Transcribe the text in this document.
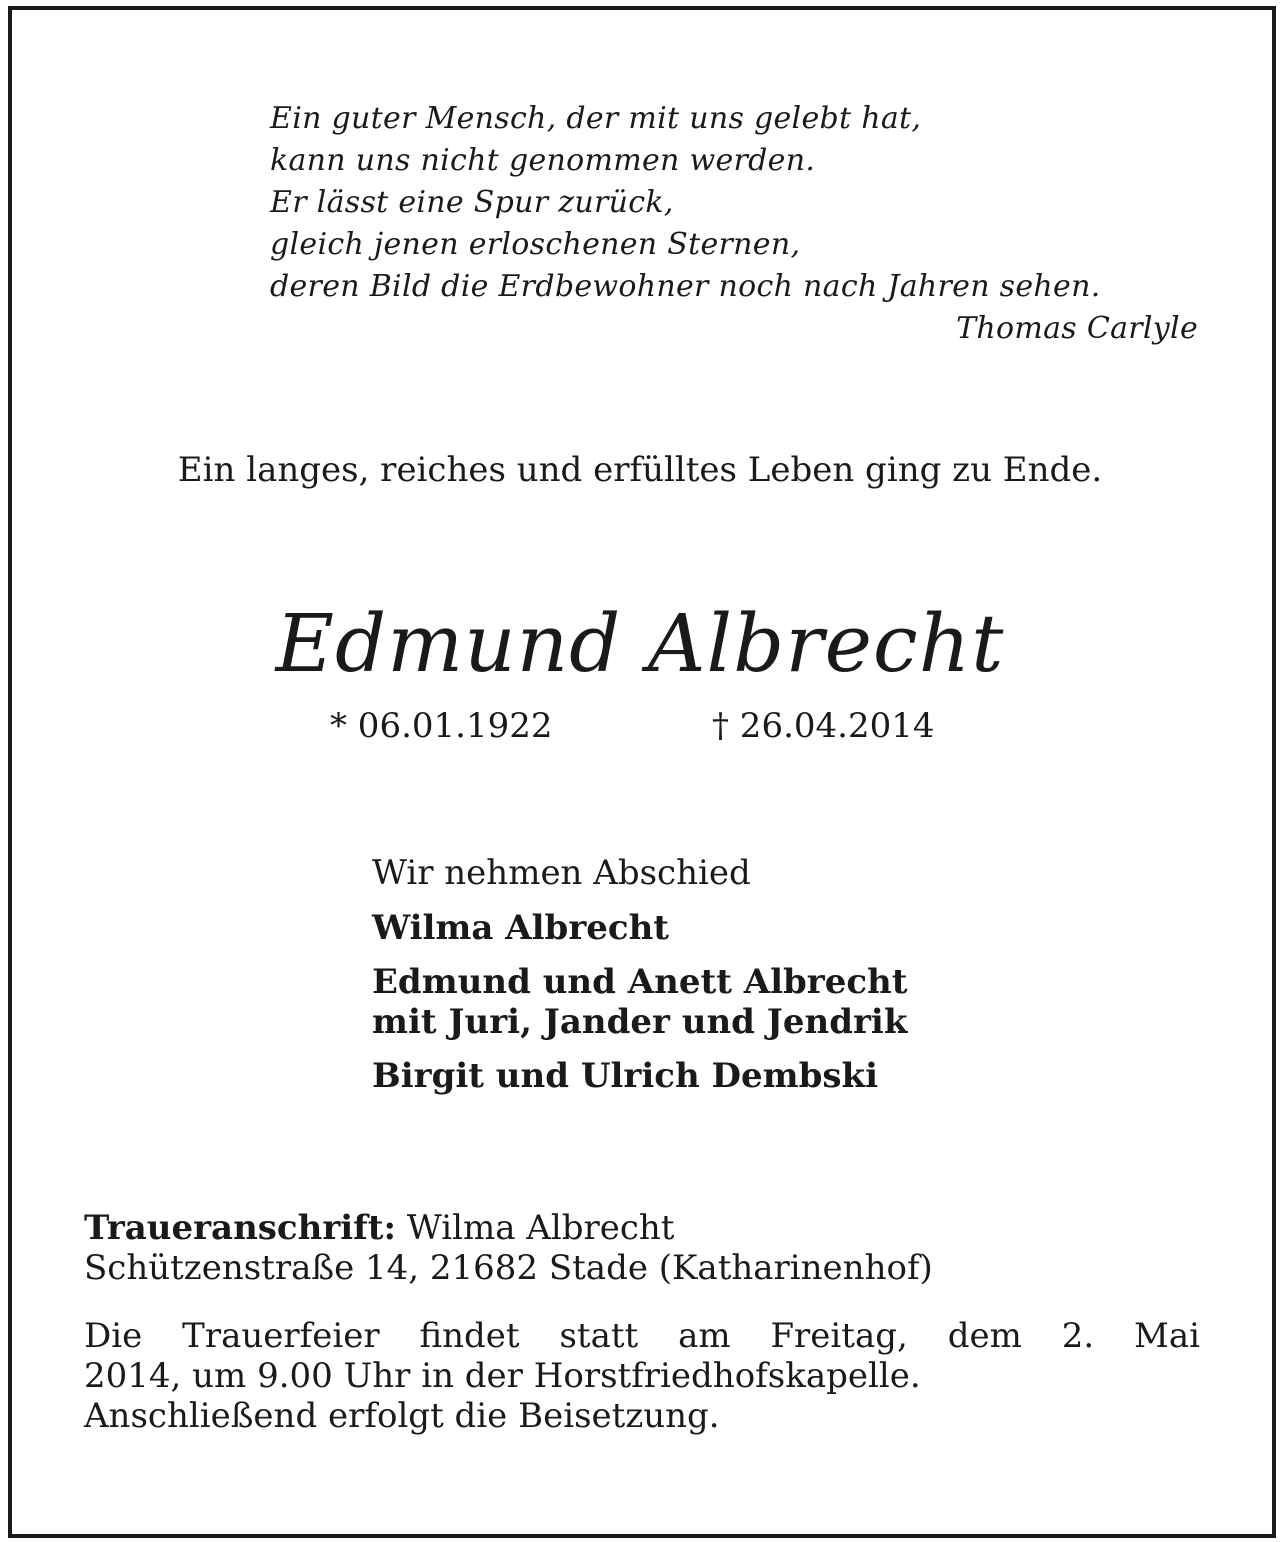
Ein guter Mensch, der mit uns gelebt hat,
kann uns nicht genommen werden.
Er lässt eine Spur zurück,
gleich jenen erloschenen Sternen,
deren Bild die Erdbewohner noch nach Jahren sehen.
Thomas Carlyle
Ein langes, reiches und erfülltes Leben ging zu Ende.
Edmund Albrecht
* 06.01.1922	† 26.04.2014
Wir nehmen Abschied
Wilma Albrecht
Edmund und Anett Albrecht
mit Juri, Jander und Jendrik
Birgit und Ulrich Dembski
Traueranschrift: Wilma Albrecht
Schützenstraße 14, 21682 Stade (Katharinenhof)
Die Trauerfeier findet statt am Freitag, dem 2. Mai
2014, um 9.00 Uhr in der Horstfriedhofskapelle.
Anschließend erfolgt die Beisetzung.
